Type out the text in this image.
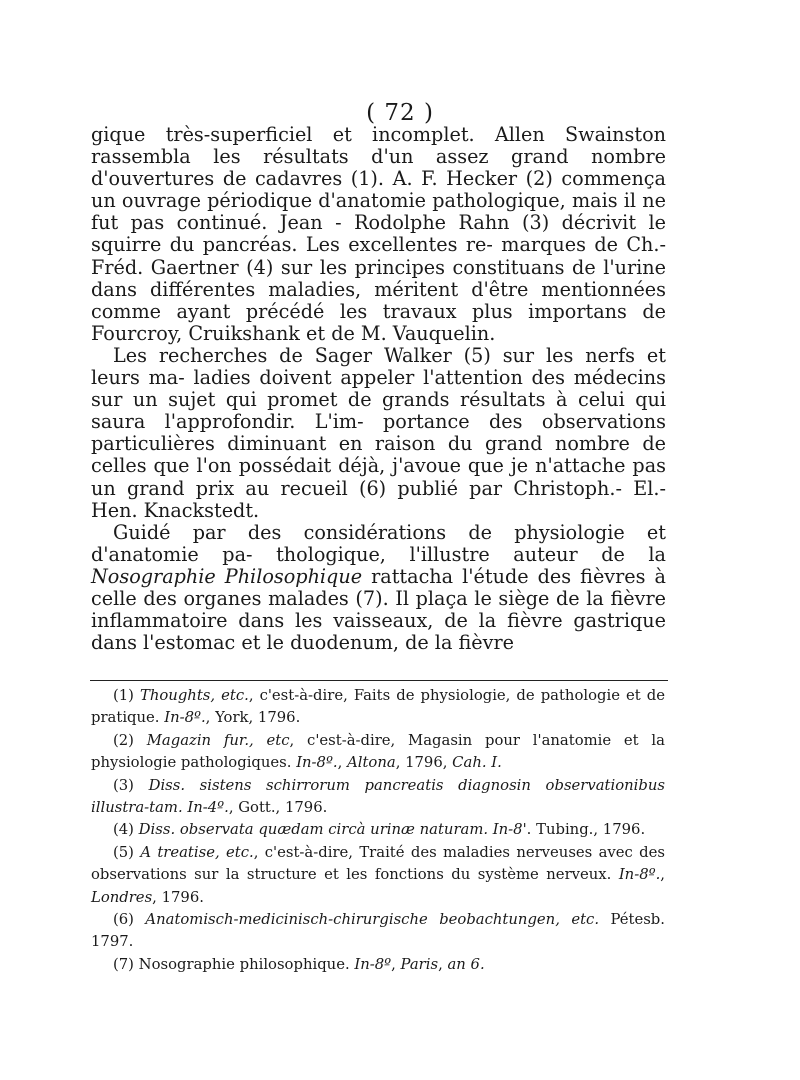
( 72 )

gique très-superficiel et incomplet. Allen Swainston rassembla les résultats d'un assez grand nombre d'ouvertures de cadavres (1). A. F. Hecker (2) commença un ouvrage périodique d'anatomie pathologique, mais il ne fut pas continué. Jean - Rodolphe Rahn (3) décrivit le squirre du pancréas. Les excellentes re- marques de Ch.-Fréd. Gaertner (4) sur les principes constituans de l'urine dans différentes maladies, méritent d'être mentionnées comme ayant précédé les travaux plus importans de Fourcroy, Cruikshank et de M. Vauquelin.

Les recherches de Sager Walker (5) sur les nerfs et leurs ma- ladies doivent appeler l'attention des médecins sur un sujet qui promet de grands résultats à celui qui saura l'approfondir. L'im- portance des observations particulières diminuant en raison du grand nombre de celles que l'on possédait déjà, j'avoue que je n'attache pas un grand prix au recueil (6) publié par Christoph.- El.-Hen. Knackstedt.

Guidé par des considérations de physiologie et d'anatomie pa- thologique, l'illustre auteur de la Nosographie Philosophique rattacha l'étude des fièvres à celle des organes malades (7). Il plaça le siège de la fièvre inflammatoire dans les vaisseaux, de la fièvre gastrique dans l'estomac et le duodenum, de la fièvre

(1) Thoughts, etc., c'est-à-dire, Faits de physiologie, de pathologie et de pratique. In-8º., York, 1796.

(2) Magazin fur., etc, c'est-à-dire, Magasin pour l'anatomie et la physiologie pathologiques. In-8º., Altona, 1796, Cah. I.

(3) Diss. sistens schirrorum pancreatis diagnosin observationibus illustra-tam. In-4º., Gott., 1796.

(4) Diss. observata quædam circà urinæ naturam. In-8'. Tubing., 1796.

(5) A treatise, etc., c'est-à-dire, Traité des maladies nerveuses avec des observations sur la structure et les fonctions du système nerveux. In-8º., Londres, 1796.

(6) Anatomisch-medicinisch-chirurgische beobachtungen, etc. Pétesb. 1797.

(7) Nosographie philosophique. In-8º, Paris, an 6.
